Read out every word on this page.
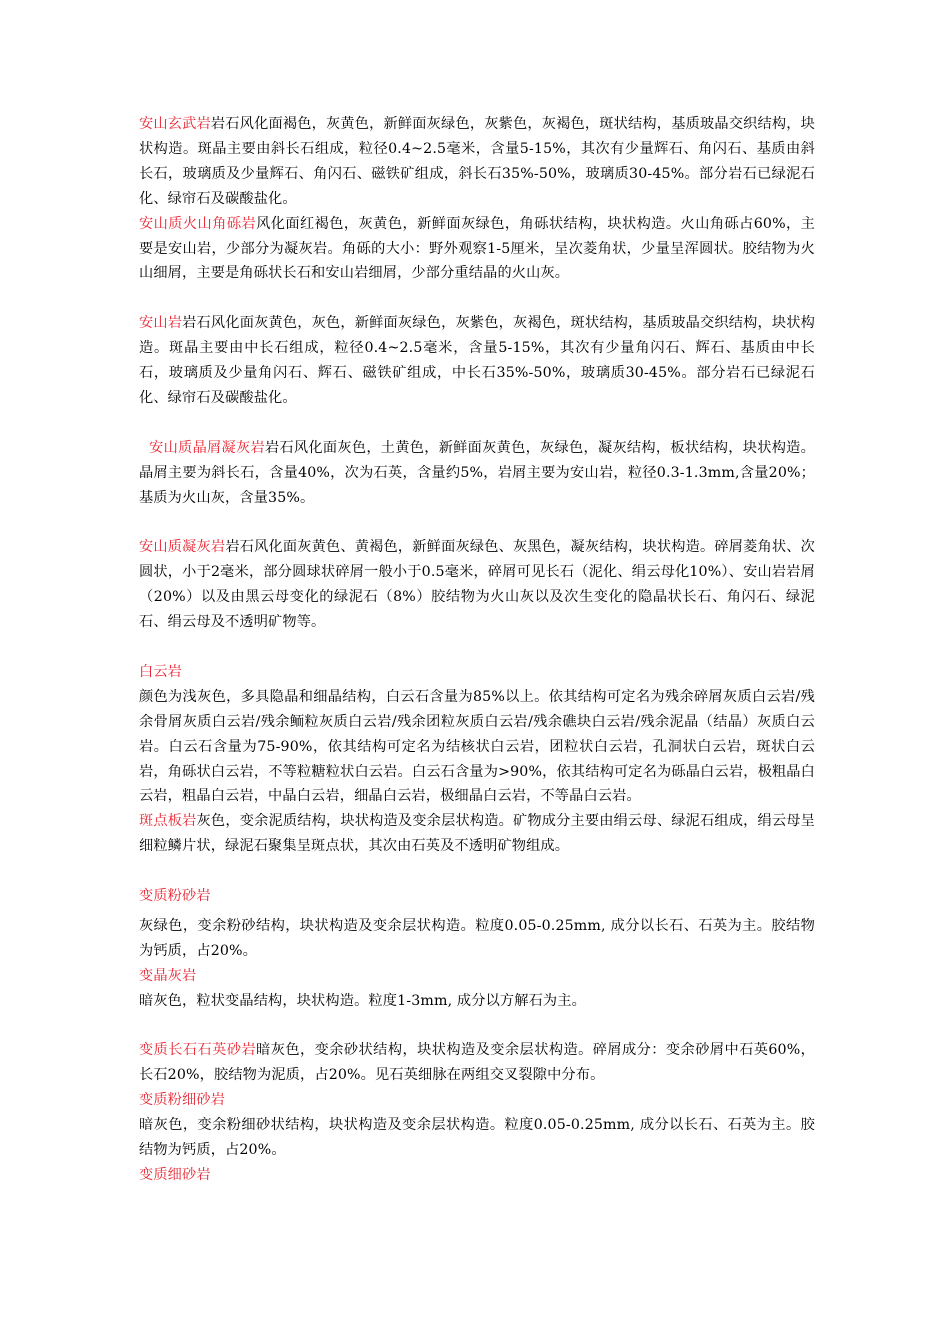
安山玄武岩岩石风化面褐色，灰黄色，新鲜面灰绿色，灰紫色，灰褐色，斑状结构，基质玻晶交织结构，块状构造。斑晶主要由斜长石组成，粒径0.4~2.5毫米，含量5-15%，其次有少量辉石、角闪石、基质由斜长石，玻璃质及少量辉石、角闪石、磁铁矿组成，斜长石35%-50%，玻璃质30-45%。部分岩石已绿泥石化、绿帘石及碳酸盐化。

安山质火山角砾岩风化面红褐色，灰黄色，新鲜面灰绿色，角砾状结构，块状构造。火山角砾占60%，主要是安山岩，少部分为凝灰岩。角砾的大小：野外观察1-5厘米，呈次菱角状，少量呈浑圆状。胶结物为火山细屑，主要是角砾状长石和安山岩细屑，少部分重结晶的火山灰。

安山岩岩石风化面灰黄色，灰色，新鲜面灰绿色，灰紫色，灰褐色，斑状结构，基质玻晶交织结构，块状构造。斑晶主要由中长石组成，粒径0.4~2.5毫米，含量5-15%，其次有少量角闪石、辉石、基质由中长石，玻璃质及少量角闪石、辉石、磁铁矿组成，中长石35%-50%，玻璃质30-45%。部分岩石已绿泥石化、绿帘石及碳酸盐化。

安山质晶屑凝灰岩岩石风化面灰色，土黄色，新鲜面灰黄色，灰绿色，凝灰结构，板状结构，块状构造。晶屑主要为斜长石，含量40%，次为石英，含量约5%，岩屑主要为安山岩，粒径0.3-1.3mm,含量20%；基质为火山灰，含量35%。

安山质凝灰岩岩石风化面灰黄色、黄褐色，新鲜面灰绿色、灰黑色，凝灰结构，块状构造。碎屑菱角状、次圆状，小于2毫米，部分圆球状碎屑一般小于0.5毫米，碎屑可见长石（泥化、绢云母化10%）、安山岩岩屑（20%）以及由黑云母变化的绿泥石（8%）胶结物为火山灰以及次生变化的隐晶状长石、角闪石、绿泥石、绢云母及不透明矿物等。

白云岩

颜色为浅灰色，多具隐晶和细晶结构，白云石含量为85%以上。依其结构可定名为残余碎屑灰质白云岩/残余骨屑灰质白云岩/残余鲕粒灰质白云岩/残余团粒灰质白云岩/残余礁块白云岩/残余泥晶（结晶）灰质白云岩。白云石含量为75-90%，依其结构可定名为结核状白云岩，团粒状白云岩，孔洞状白云岩，斑状白云岩，角砾状白云岩，不等粒糖粒状白云岩。白云石含量为>90%，依其结构可定名为砾晶白云岩，极粗晶白云岩，粗晶白云岩，中晶白云岩，细晶白云岩，极细晶白云岩，不等晶白云岩。

斑点板岩灰色，变余泥质结构，块状构造及变余层状构造。矿物成分主要由绢云母、绿泥石组成，绢云母呈细粒鳞片状，绿泥石聚集呈斑点状，其次由石英及不透明矿物组成。

变质粉砂岩

灰绿色，变余粉砂结构，块状构造及变余层状构造。粒度0.05-0.25mm, 成分以长石、石英为主。胶结物为钙质，占20%。

变晶灰岩

暗灰色，粒状变晶结构，块状构造。粒度1-3mm, 成分以方解石为主。

变质长石石英砂岩暗灰色，变余砂状结构，块状构造及变余层状构造。碎屑成分：变余砂屑中石英60%，长石20%，胶结物为泥质，占20%。见石英细脉在两组交叉裂隙中分布。

变质粉细砂岩

暗灰色，变余粉细砂状结构，块状构造及变余层状构造。粒度0.05-0.25mm, 成分以长石、石英为主。胶结物为钙质，占20%。

变质细砂岩
